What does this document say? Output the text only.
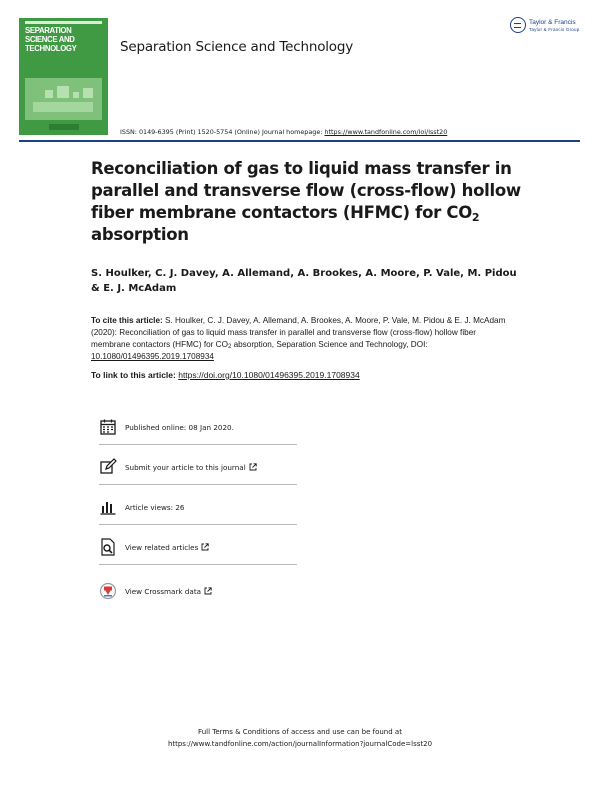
SEPARATION SCIENCE AND TECHNOLOGY	Separation Science and Technology
Taylor & Francis
Taylor & Francis Group
ISSN: 0149-6395 (Print) 1520-5754 (Online) Journal homepage: https://www.tandfonline.com/loi/lsst20
Reconciliation of gas to liquid mass transfer in parallel and transverse flow (cross-flow) hollow fiber membrane contactors (HFMC) for $CO_2$ absorption
S. Houlker, C. J. Davey, A. Allemand, A. Brookes, A. Moore, P. Vale, M. Pidou & E. J. McAdam
To cite this article: S. Houlker, C. J. Davey, A. Allemand, A. Brookes, A. Moore, P. Vale, M. Pidou & E. J. McAdam (2020): Reconciliation of gas to liquid mass transfer in parallel and transverse flow (cross-flow) hollow fiber membrane contactors (HFMC) for $CO_2$ absorption, Separation Science and Technology, DOI: 10.1080/01496395.2019.1708934
To link to this article: https://doi.org/10.1080/01496395.2019.1708934
Published online: 08 Jan 2020.
Submit your article to this journal
Article views: 26
View related articles
View Crossmark data
Full Terms & Conditions of access and use can be found at
https://www.tandfonline.com/action/journalInformation?journalCode=lsst20
